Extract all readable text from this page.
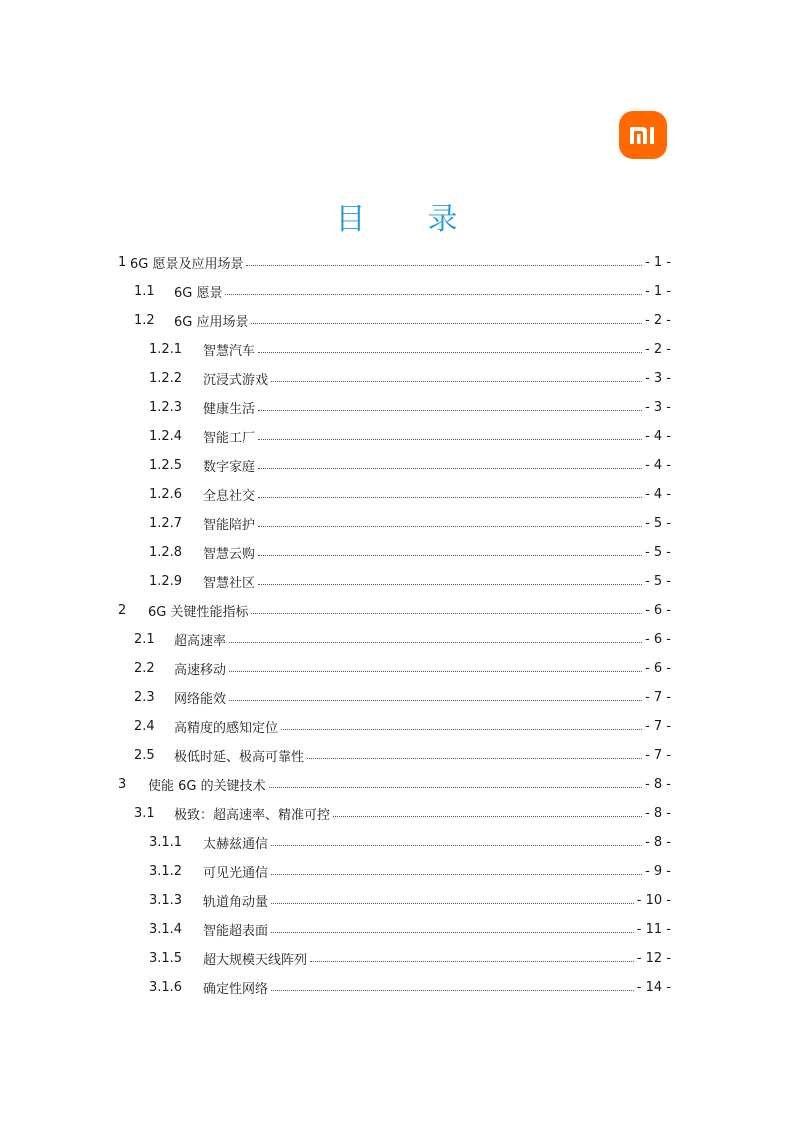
目录
1 6G 愿景及应用场景	- 1 -
1.1	6G 愿景	- 1 -
1.2	6G 应用场景	- 2 -
1.2.1	智慧汽车	- 2 -
1.2.2	沉浸式游戏	- 3 -
1.2.3	健康生活	- 3 -
1.2.4	智能工厂	- 4 -
1.2.5	数字家庭	- 4 -
1.2.6	全息社交	- 4 -
1.2.7	智能陪护	- 5 -
1.2.8	智慧云购	- 5 -
1.2.9	智慧社区	- 5 -
2	6G 关键性能指标	- 6 -
2.1	超高速率	- 6 -
2.2	高速移动	- 6 -
2.3	网络能效	- 7 -
2.4	高精度的感知定位	- 7 -
2.5	极低时延、极高可靠性	- 7 -
3	使能 6G 的关键技术	- 8 -
3.1	极致：超高速率、精准可控	- 8 -
3.1.1	太赫兹通信	- 8 -
3.1.2	可见光通信	- 9 -
3.1.3	轨道角动量	- 10 -
3.1.4	智能超表面	- 11 -
3.1.5	超大规模天线阵列	- 12 -
3.1.6	确定性网络	- 14 -
